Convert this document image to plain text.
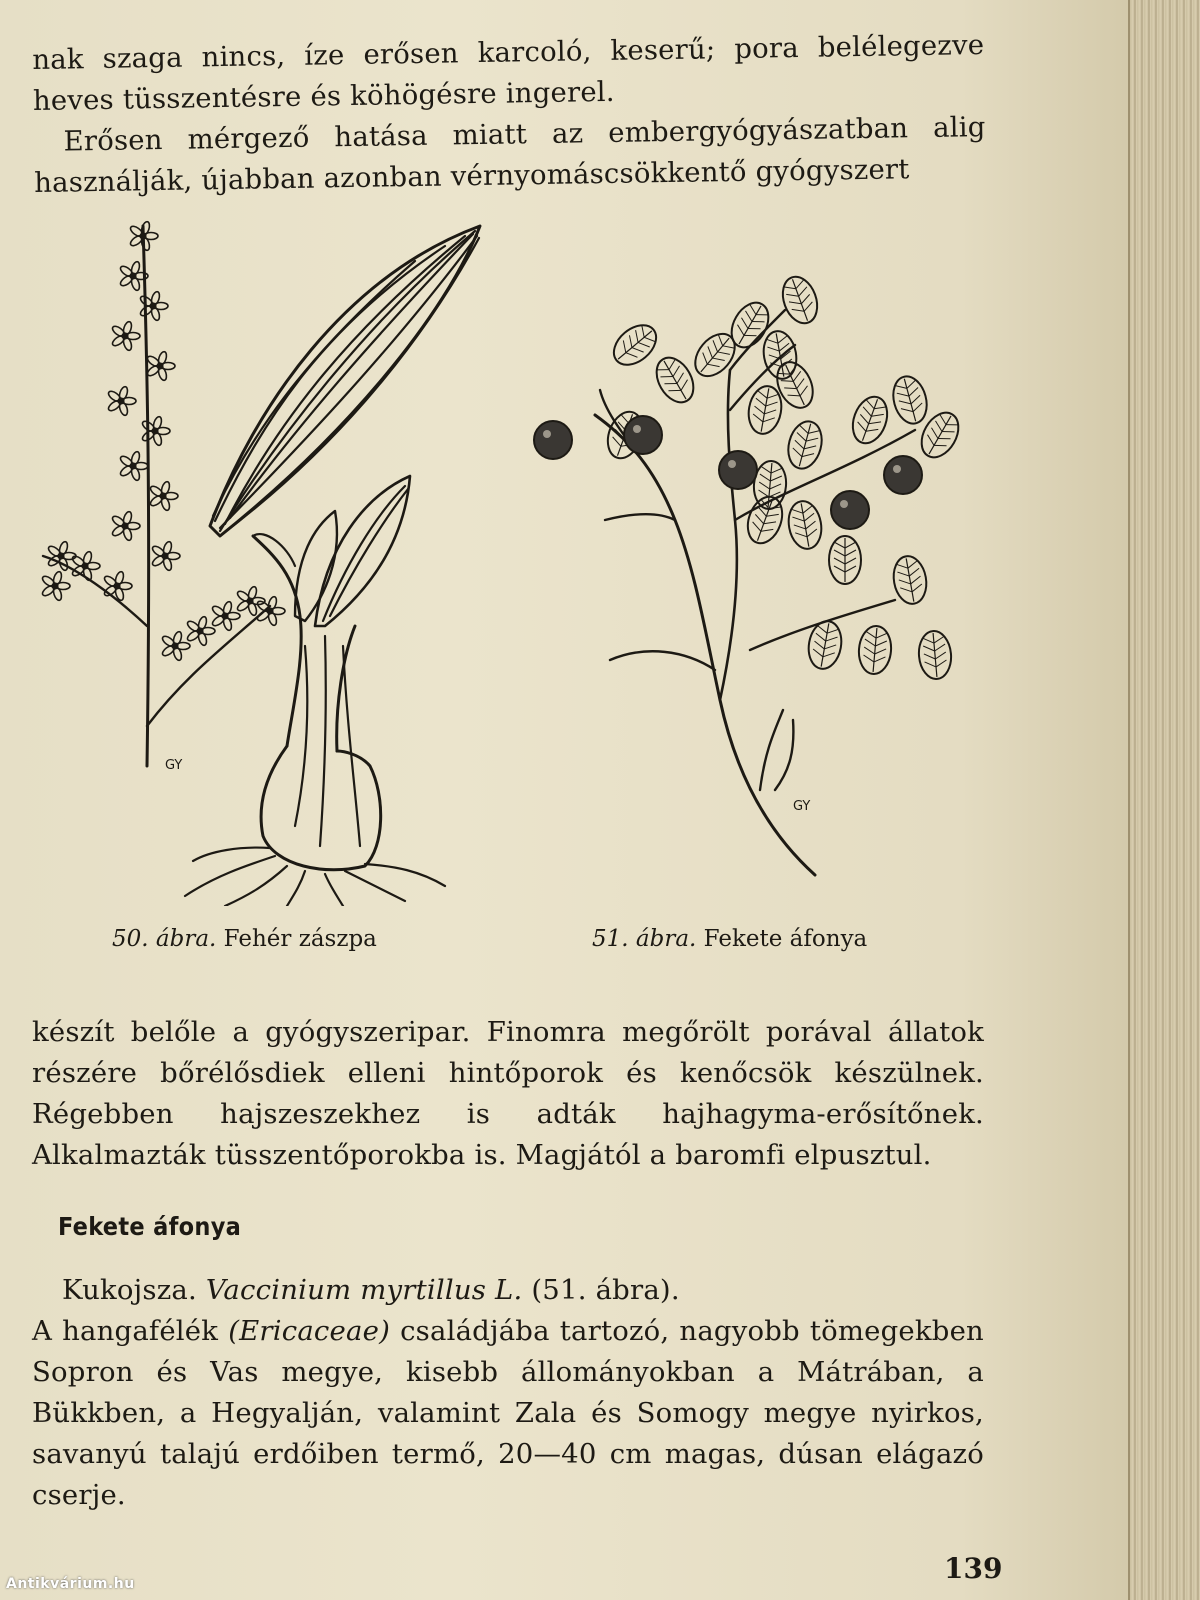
nak szaga nincs, íze erősen karcoló, keserű; pora belélegezve heves tüsszentésre és köhögésre ingerel.
Erősen mérgező hatása miatt az embergyógyászatban alig használják, újabban azonban vérnyomáscsökkentő gyógyszert

GY
GY
50. ábra. Fehér zászpa	51. ábra. Fekete áfonya

készít belőle a gyógyszeripar. Finomra megőrölt porával állatok részére bőrélősdiek elleni hintőporok és kenőcsök készülnek. Régebben hajszeszekhez is adták hajhagyma-erősítőnek. Alkalmazták tüsszentőporokba is. Magjától a baromfi elpusztul.

Fekete áfonya

Kukojsza. Vaccinium myrtillus L. (51. ábra).
A hangafélék (Ericaceae) családjába tartozó, nagyobb tömegekben Sopron és Vas megye, kisebb állományokban a Mátrában, a Bükkben, a Hegyalján, valamint Zala és Somogy megye nyirkos, savanyú talajú erdőiben termő, 20—40 cm magas, dúsan elágazó cserje.

139
Antikvárium.hu
